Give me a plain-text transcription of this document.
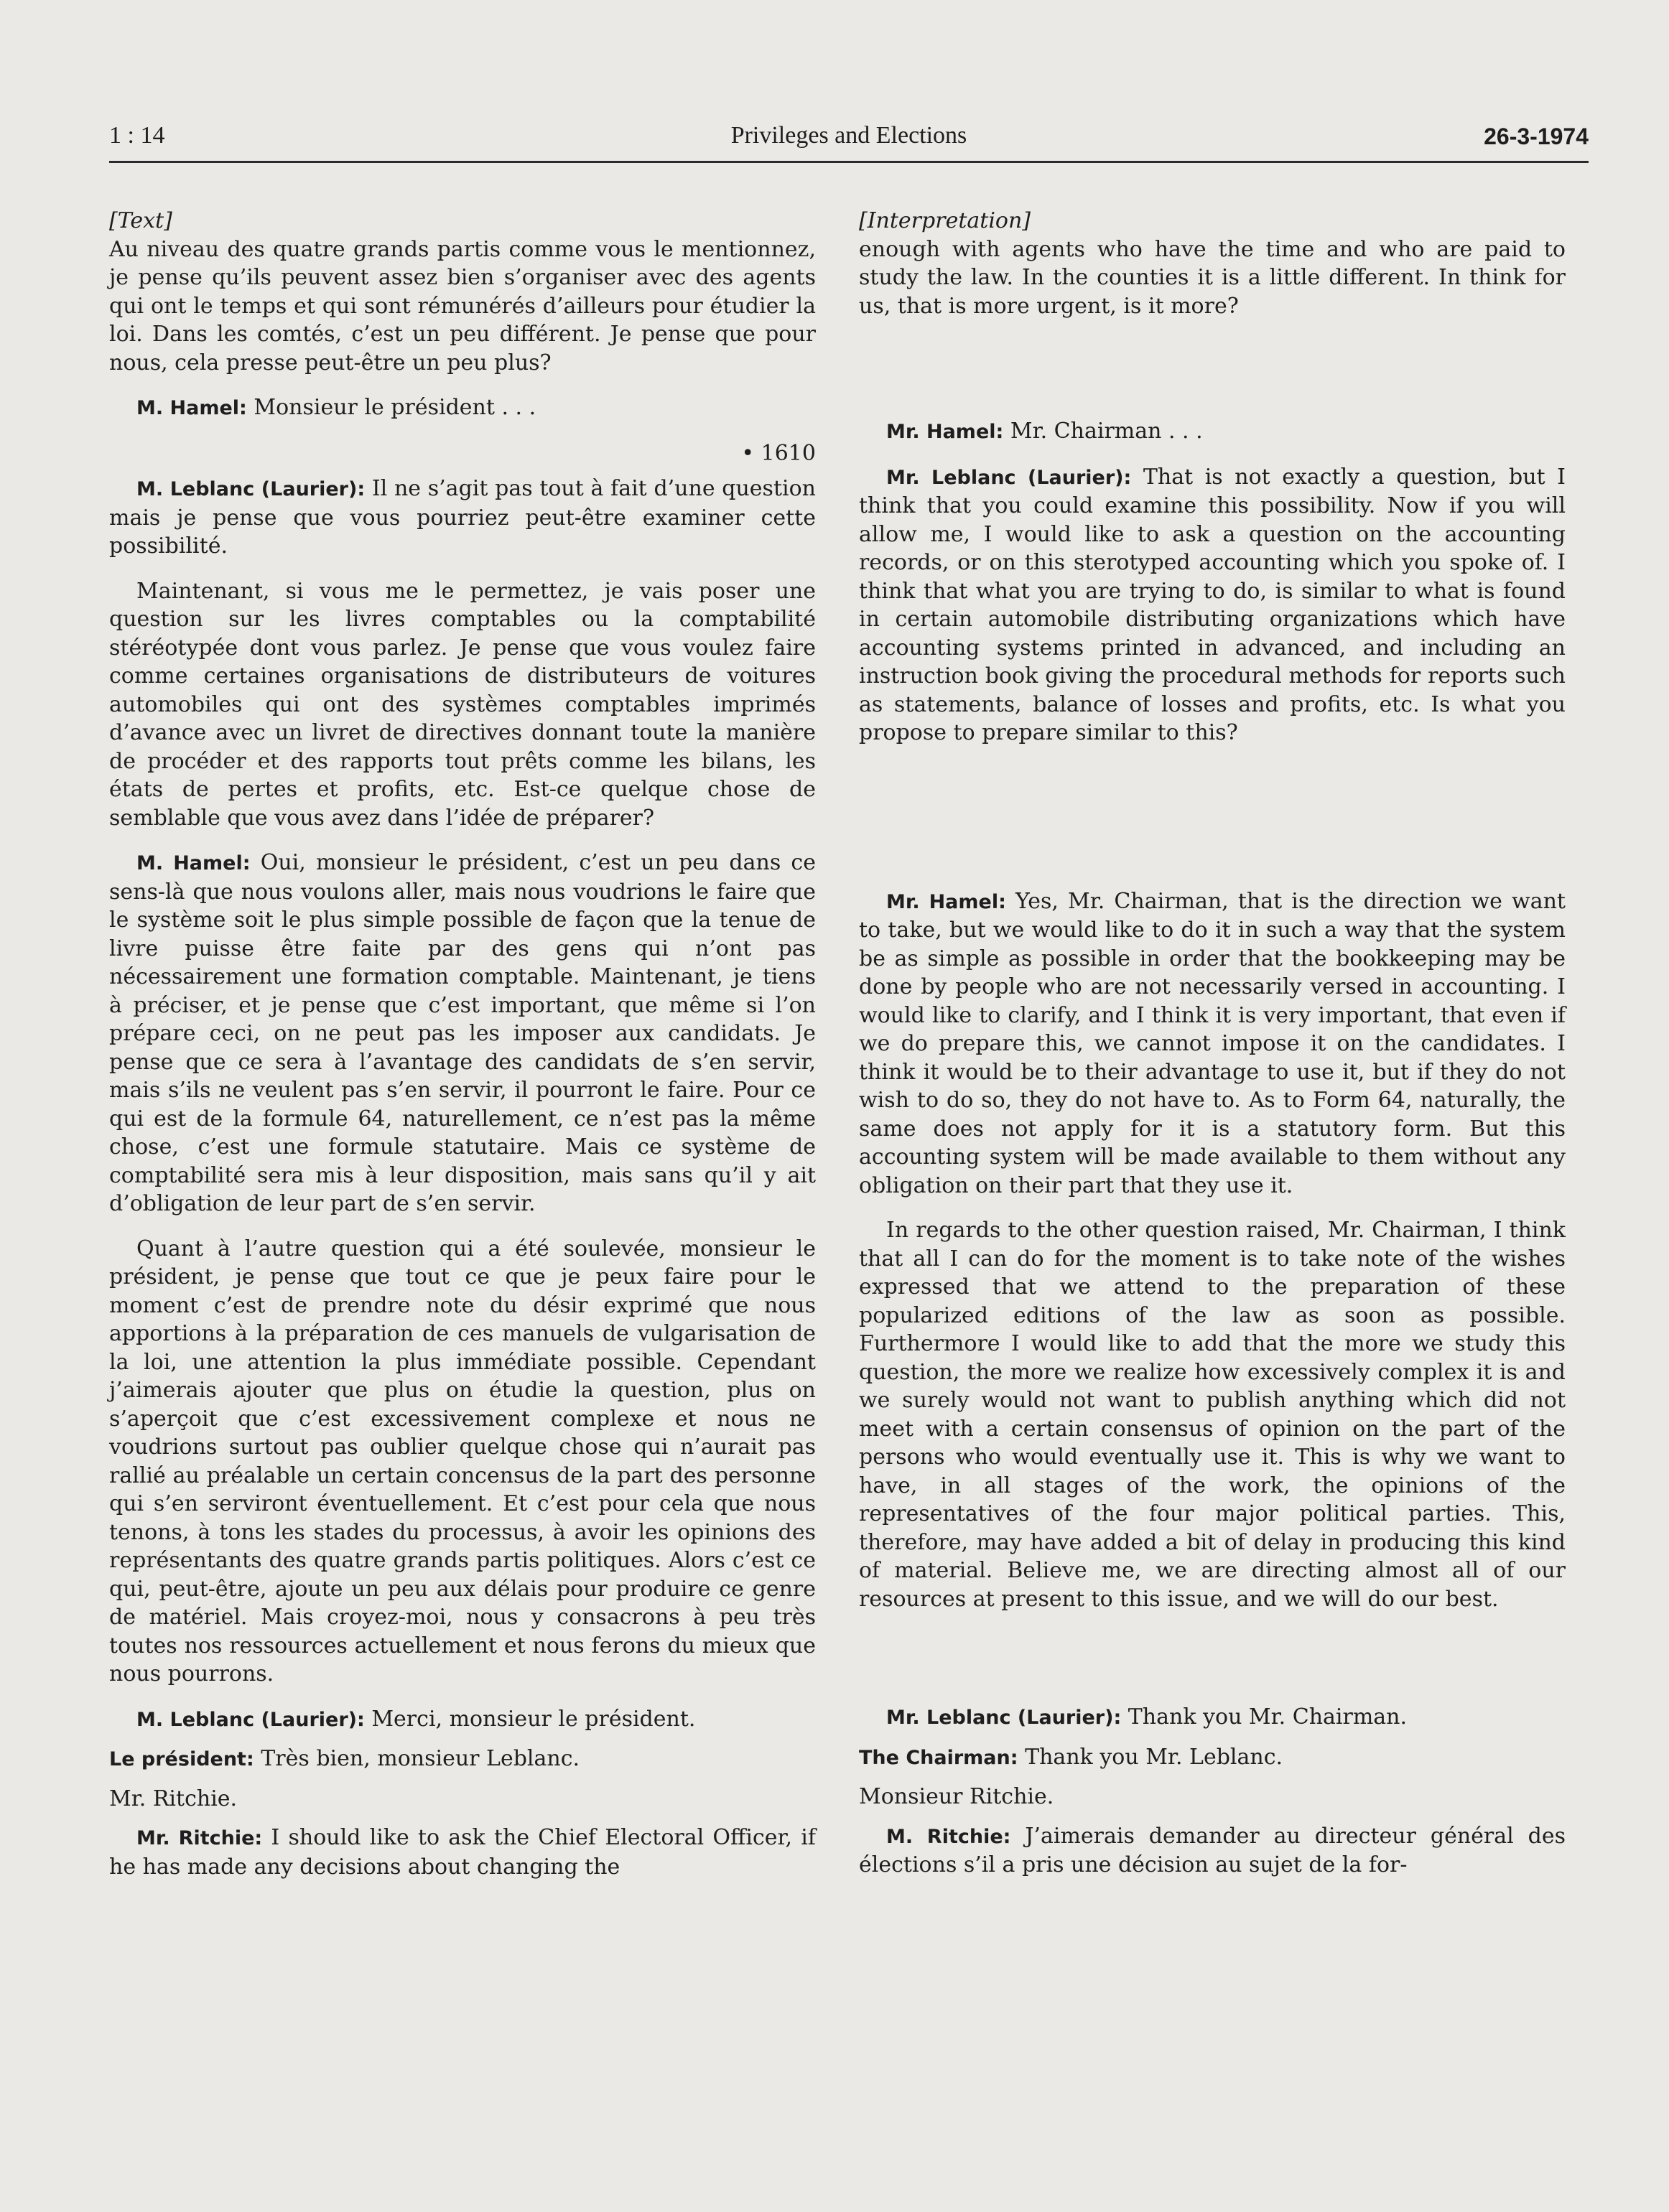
1 : 14	Privileges and Elections	26-3-1974

[Text]

Au niveau des quatre grands partis comme vous le mentionnez, je pense qu’ils peuvent assez bien s’organiser avec des agents qui ont le temps et qui sont rémunérés d’ailleurs pour étudier la loi. Dans les comtés, c’est un peu différent. Je pense que pour nous, cela presse peut-être un peu plus?

M. Hamel: Monsieur le président . . .

• 1610

M. Leblanc (Laurier): Il ne s’agit pas tout à fait d’une question mais je pense que vous pourriez peut-être examiner cette possibilité.

Maintenant, si vous me le permettez, je vais poser une question sur les livres comptables ou la comptabilité stéréotypée dont vous parlez. Je pense que vous voulez faire comme certaines organisations de distributeurs de voitures automobiles qui ont des systèmes comptables imprimés d’avance avec un livret de directives donnant toute la manière de procéder et des rapports tout prêts comme les bilans, les états de pertes et profits, etc. Est-ce quelque chose de semblable que vous avez dans l’idée de préparer?

M. Hamel: Oui, monsieur le président, c’est un peu dans ce sens-là que nous voulons aller, mais nous voudrions le faire que le système soit le plus simple possible de façon que la tenue de livre puisse être faite par des gens qui n’ont pas nécessairement une formation comptable. Maintenant, je tiens à préciser, et je pense que c’est important, que même si l’on prépare ceci, on ne peut pas les imposer aux candidats. Je pense que ce sera à l’avantage des candidats de s’en servir, mais s’ils ne veulent pas s’en servir, il pourront le faire. Pour ce qui est de la formule 64, naturellement, ce n’est pas la même chose, c’est une formule statutaire. Mais ce système de comptabilité sera mis à leur disposition, mais sans qu’il y ait d’obligation de leur part de s’en servir.

Quant à l’autre question qui a été soulevée, monsieur le président, je pense que tout ce que je peux faire pour le moment c’est de prendre note du désir exprimé que nous apportions à la préparation de ces manuels de vulgarisation de la loi, une attention la plus immédiate possible. Cependant j’aimerais ajouter que plus on étudie la question, plus on s’aperçoit que c’est excessivement complexe et nous ne voudrions surtout pas oublier quelque chose qui n’aurait pas rallié au préalable un certain concensus de la part des personne qui s’en serviront éventuellement. Et c’est pour cela que nous tenons, à tons les stades du processus, à avoir les opinions des représentants des quatre grands partis politiques. Alors c’est ce qui, peut-être, ajoute un peu aux délais pour produire ce genre de matériel. Mais croyez-moi, nous y consacrons à peu très toutes nos ressources actuellement et nous ferons du mieux que nous pourrons.

M. Leblanc (Laurier): Merci, monsieur le président.

Le président: Très bien, monsieur Leblanc.

Mr. Ritchie.

Mr. Ritchie: I should like to ask the Chief Electoral Officer, if he has made any decisions about changing the

[Interpretation]

enough with agents who have the time and who are paid to study the law. In the counties it is a little different. In think for us, that is more urgent, is it more?

Mr. Hamel: Mr. Chairman . . .

Mr. Leblanc (Laurier): That is not exactly a question, but I think that you could examine this possibility. Now if you will allow me, I would like to ask a question on the accounting records, or on this sterotyped accounting which you spoke of. I think that what you are trying to do, is similar to what is found in certain automobile distributing organizations which have accounting systems printed in advanced, and including an instruction book giving the procedural methods for reports such as statements, balance of losses and profits, etc. Is what you propose to prepare similar to this?

Mr. Hamel: Yes, Mr. Chairman, that is the direction we want to take, but we would like to do it in such a way that the system be as simple as possible in order that the bookkeeping may be done by people who are not necessarily versed in accounting. I would like to clarify, and I think it is very important, that even if we do prepare this, we cannot impose it on the candidates. I think it would be to their advantage to use it, but if they do not wish to do so, they do not have to. As to Form 64, naturally, the same does not apply for it is a statutory form. But this accounting system will be made available to them without any obligation on their part that they use it.

In regards to the other question raised, Mr. Chairman, I think that all I can do for the moment is to take note of the wishes expressed that we attend to the preparation of these popularized editions of the law as soon as possible. Furthermore I would like to add that the more we study this question, the more we realize how excessively complex it is and we surely would not want to publish anything which did not meet with a certain consensus of opinion on the part of the persons who would eventually use it. This is why we want to have, in all stages of the work, the opinions of the representatives of the four major political parties. This, therefore, may have added a bit of delay in producing this kind of material. Believe me, we are directing almost all of our resources at present to this issue, and we will do our best.

Mr. Leblanc (Laurier): Thank you Mr. Chairman.

The Chairman: Thank you Mr. Leblanc.

Monsieur Ritchie.

M. Ritchie: J’aimerais demander au directeur général des élections s’il a pris une décision au sujet de la for-
